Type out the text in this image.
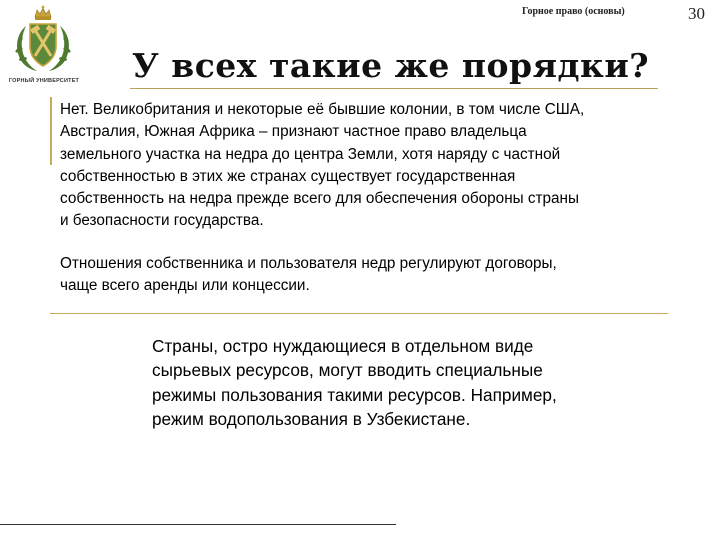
ГОРНЫЙ УНИВЕРСИТЕТ
Горное право (основы)	30
У всех такие же порядки?

Нет. Великобритания и некоторые её бывшие колонии, в том числе США,
Австралия, Южная Африка – признают частное право владельца
земельного участка на недра до центра Земли, хотя наряду с частной
собственностью в этих же странах существует государственная
собственность на недра прежде всего для обеспечения обороны страны
и безопасности государства.

Отношения собственника и пользователя недр регулируют договоры,
чаще всего аренды или концессии.

Страны, остро нуждающиеся в отдельном виде
сырьевых ресурсов, могут вводить специальные
режимы пользования такими ресурсов. Например,
режим водопользования в Узбекистане.
